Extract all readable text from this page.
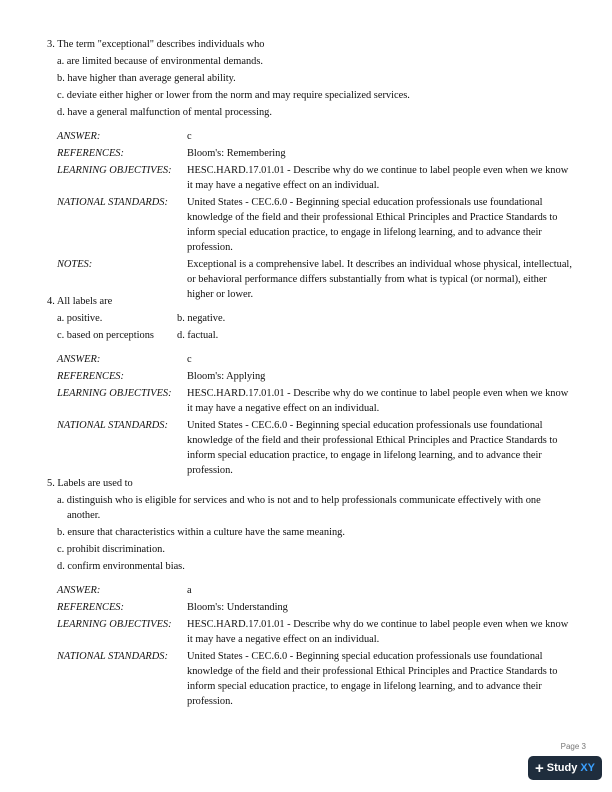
3. The term "exceptional" describes individuals who
a. are limited because of environmental demands.
b. have higher than average general ability.
c. deviate either higher or lower from the norm and may require specialized services.
d. have a general malfunction of mental processing.
ANSWER:	c
REFERENCES:	Bloom's: Remembering
LEARNING OBJECTIVES:	HESC.HARD.17.01.01 - Describe why do we continue to label people even when we know it may have a negative effect on an individual.
NATIONAL STANDARDS:	United States - CEC.6.0 - Beginning special education professionals use foundational knowledge of the field and their professional Ethical Principles and Practice Standards to inform special education practice, to engage in lifelong learning, and to advance their profession.
NOTES:	Exceptional is a comprehensive label. It describes an individual whose physical, intellectual, or behavioral performance differs substantially from what is typical (or normal), either higher or lower.
4. All labels are
a. positive.	b. negative.
c. based on perceptions	d. factual.
ANSWER:	c
REFERENCES:	Bloom's: Applying
LEARNING OBJECTIVES:	HESC.HARD.17.01.01 - Describe why do we continue to label people even when we know it may have a negative effect on an individual.
NATIONAL STANDARDS:	United States - CEC.6.0 - Beginning special education professionals use foundational knowledge of the field and their professional Ethical Principles and Practice Standards to inform special education practice, to engage in lifelong learning, and to advance their profession.
5. Labels are used to
a. distinguish who is eligible for services and who is not and to help professionals communicate effectively with one another.
b. ensure that characteristics within a culture have the same meaning.
c. prohibit discrimination.
d. confirm environmental bias.
ANSWER:	a
REFERENCES:	Bloom's: Understanding
LEARNING OBJECTIVES:	HESC.HARD.17.01.01 - Describe why do we continue to label people even when we know it may have a negative effect on an individual.
NATIONAL STANDARDS:	United States - CEC.6.0 - Beginning special education professionals use foundational knowledge of the field and their professional Ethical Principles and Practice Standards to inform special education practice, to engage in lifelong learning, and to advance their profession.
Page 3
+ Study XY
